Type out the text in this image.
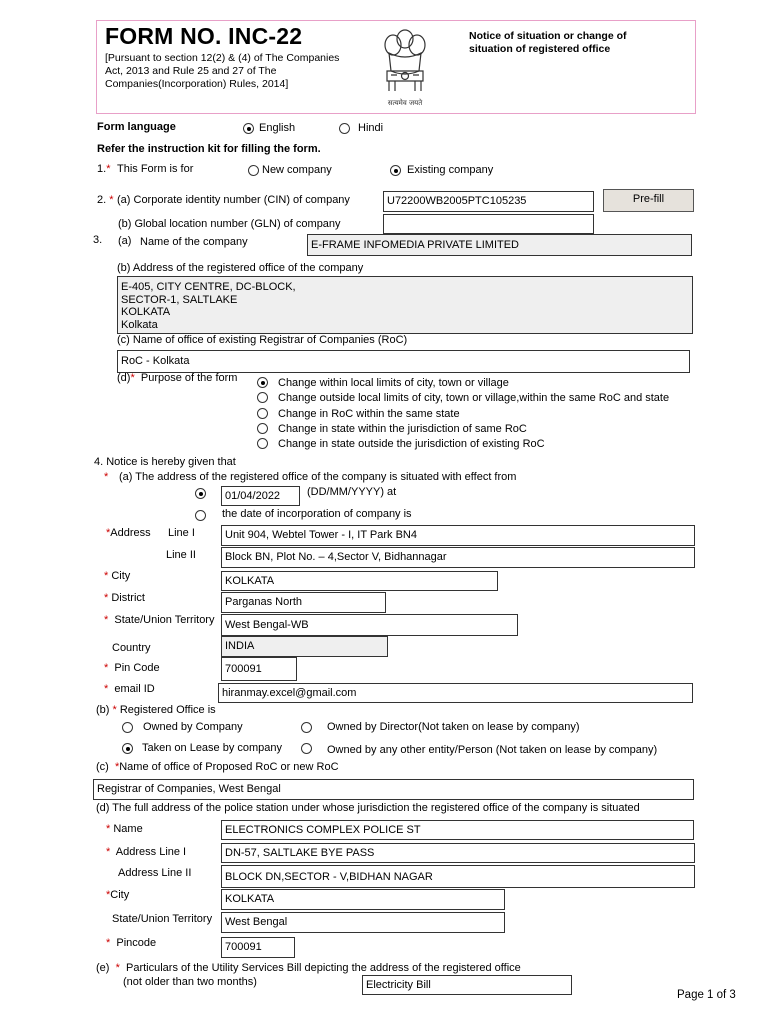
FORM NO. INC-22
[Pursuant to section 12(2) & (4) of The Companies Act, 2013 and Rule 25 and 27 of The Companies(Incorporation) Rules, 2014]
सत्यमेव जयते
Notice of situation or change of situation of registered office
Form language	English	Hindi
Refer the instruction kit for filling the form.
1.* This Form is for	New company	Existing company
2. * (a) Corporate identity number (CIN) of company	U72200WB2005PTC105235	Pre-fill
(b) Global location number (GLN) of company
3. (a) Name of the company	E-FRAME INFOMEDIA PRIVATE LIMITED
(b) Address of the registered office of the company
E-405, CITY CENTRE, DC-BLOCK,
SECTOR-1, SALTLAKE
KOLKATA
Kolkata
(c) Name of office of existing Registrar of Companies (RoC)
RoC - Kolkata
(d)* Purpose of the form	Change within local limits of city, town or village
Change outside local limits of city, town or village,within the same RoC and state
Change in RoC within the same state
Change in state within the jurisdiction of same RoC
Change in state outside the jurisdiction of existing RoC
4. Notice is hereby given that
* (a) The address of the registered office of the company is situated with effect from
01/04/2022	(DD/MM/YYYY) at
the date of incorporation of company is
*Address Line I	Unit 904, Webtel Tower - I, IT Park BN4
Line II	Block BN, Plot No. – 4,Sector V, Bidhannagar
* City	KOLKATA
* District	Parganas North
* State/Union Territory West Bengal-WB
Country	INDIA
* Pin Code	700091
* email ID	hiranmay.excel@gmail.com
(b) * Registered Office is
Owned by Company	Owned by Director(Not taken on lease by company)
Taken on Lease by company	Owned by any other entity/Person (Not taken on lease by company)
(c) *Name of office of Proposed RoC or new RoC
Registrar of Companies, West Bengal
(d) The full address of the police station under whose jurisdiction the registered office of the company is situated
* Name	ELECTRONICS COMPLEX POLICE ST
* Address Line I	DN-57, SALTLAKE BYE PASS
Address Line II	BLOCK DN,SECTOR - V,BIDHAN NAGAR
*City	KOLKATA
State/Union Territory	West Bengal
* Pincode	700091
(e) * Particulars of the Utility Services Bill depicting the address of the registered office
(not older than two months)	Electricity Bill
Page 1 of 3
